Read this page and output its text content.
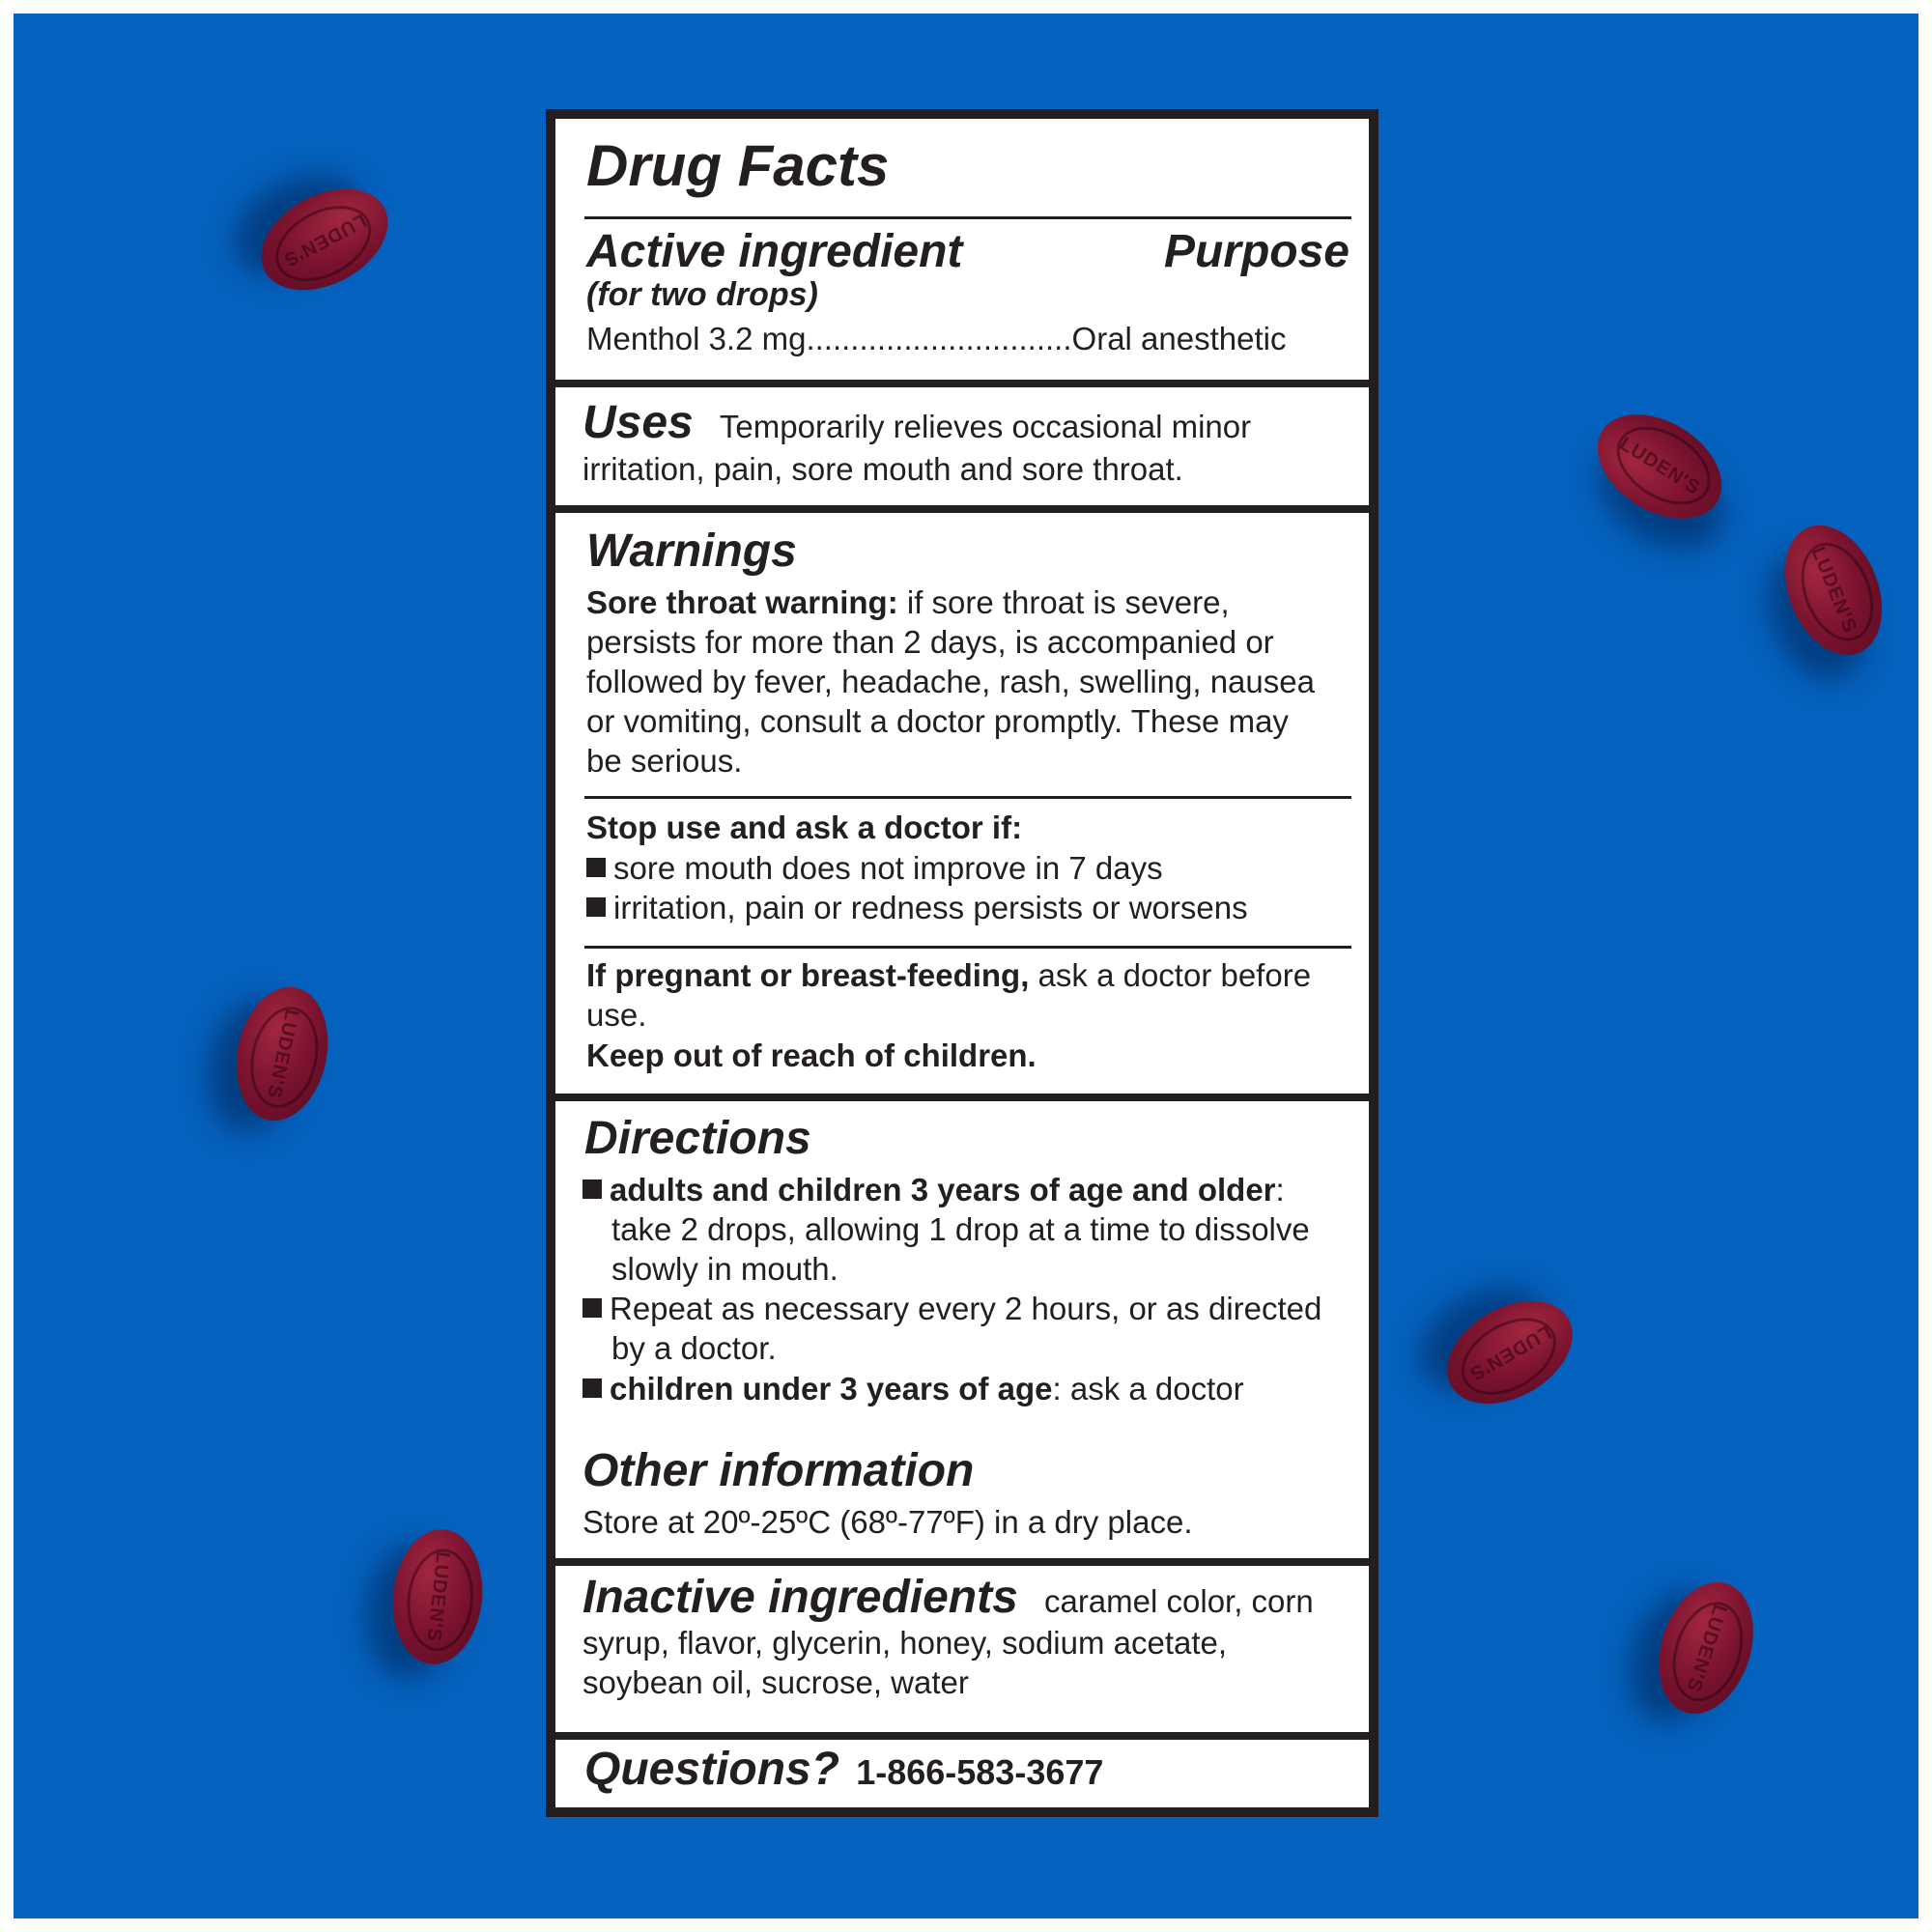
LUDEN'S
LUDEN'S
LUDEN'S
LUDEN'S
LUDEN'S
LUDEN'S
LUDEN'S
Drug Facts
Active ingredient	Purpose
(for two drops)
Menthol 3.2 mg..............................Oral anesthetic
Uses Temporarily relieves occasional minor
irritation, pain, sore mouth and sore throat.
Warnings
Sore throat warning: if sore throat is severe,
persists for more than 2 days, is accompanied or
followed by fever, headache, rash, swelling, nausea
or vomiting, consult a doctor promptly. These may
be serious.
Stop use and ask a doctor if:
sore mouth does not improve in 7 days
irritation, pain or redness persists or worsens
If pregnant or breast-feeding, ask a doctor before
use.
Keep out of reach of children.
Directions
adults and children 3 years of age and older:
take 2 drops, allowing 1 drop at a time to dissolve
slowly in mouth.
Repeat as necessary every 2 hours, or as directed
by a doctor.
children under 3 years of age: ask a doctor
Other information
Store at 20º-25ºC (68º-77ºF) in a dry place.
Inactive ingredients caramel color, corn
syrup, flavor, glycerin, honey, sodium acetate,
soybean oil, sucrose, water
Questions? 1-866-583-3677
